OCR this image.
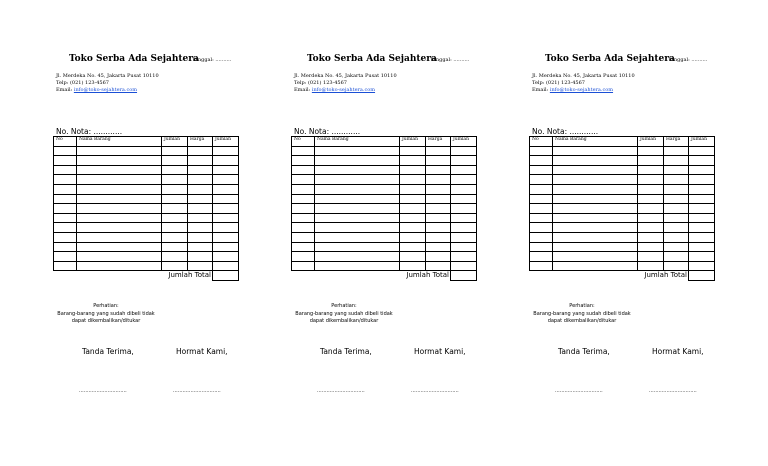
Toko Serba Ada Sejahtera
Tanggal: ..........
Jl. Merdeka No. 45, Jakarta Pusat 10110
Telp: (021) 123-4567
Email: info@toko-sejahtera.com
No. Nota: ............
No	Nama Barang	Jumlah	Harga	Jumlah

		Jumlah Total		
Perhatian:
Barang-barang yang sudah dibeli tidak
dapat dikembalikan/ditukar
Tanda Terima,	Hormat Kami,
..............................	..............................
Toko Serba Ada Sejahtera
Tanggal: ..........
Jl. Merdeka No. 45, Jakarta Pusat 10110
Telp: (021) 123-4567
Email: info@toko-sejahtera.com
No. Nota: ............
No	Nama Barang	Jumlah	Harga	Jumlah

		Jumlah Total		
Perhatian:
Barang-barang yang sudah dibeli tidak
dapat dikembalikan/ditukar
Tanda Terima,	Hormat Kami,
..............................	..............................
Toko Serba Ada Sejahtera
Tanggal: ..........
Jl. Merdeka No. 45, Jakarta Pusat 10110
Telp: (021) 123-4567
Email: info@toko-sejahtera.com
No. Nota: ............
No	Nama Barang	Jumlah	Harga	Jumlah

		Jumlah Total		
Perhatian:
Barang-barang yang sudah dibeli tidak
dapat dikembalikan/ditukar
Tanda Terima,	Hormat Kami,
..............................	..............................
